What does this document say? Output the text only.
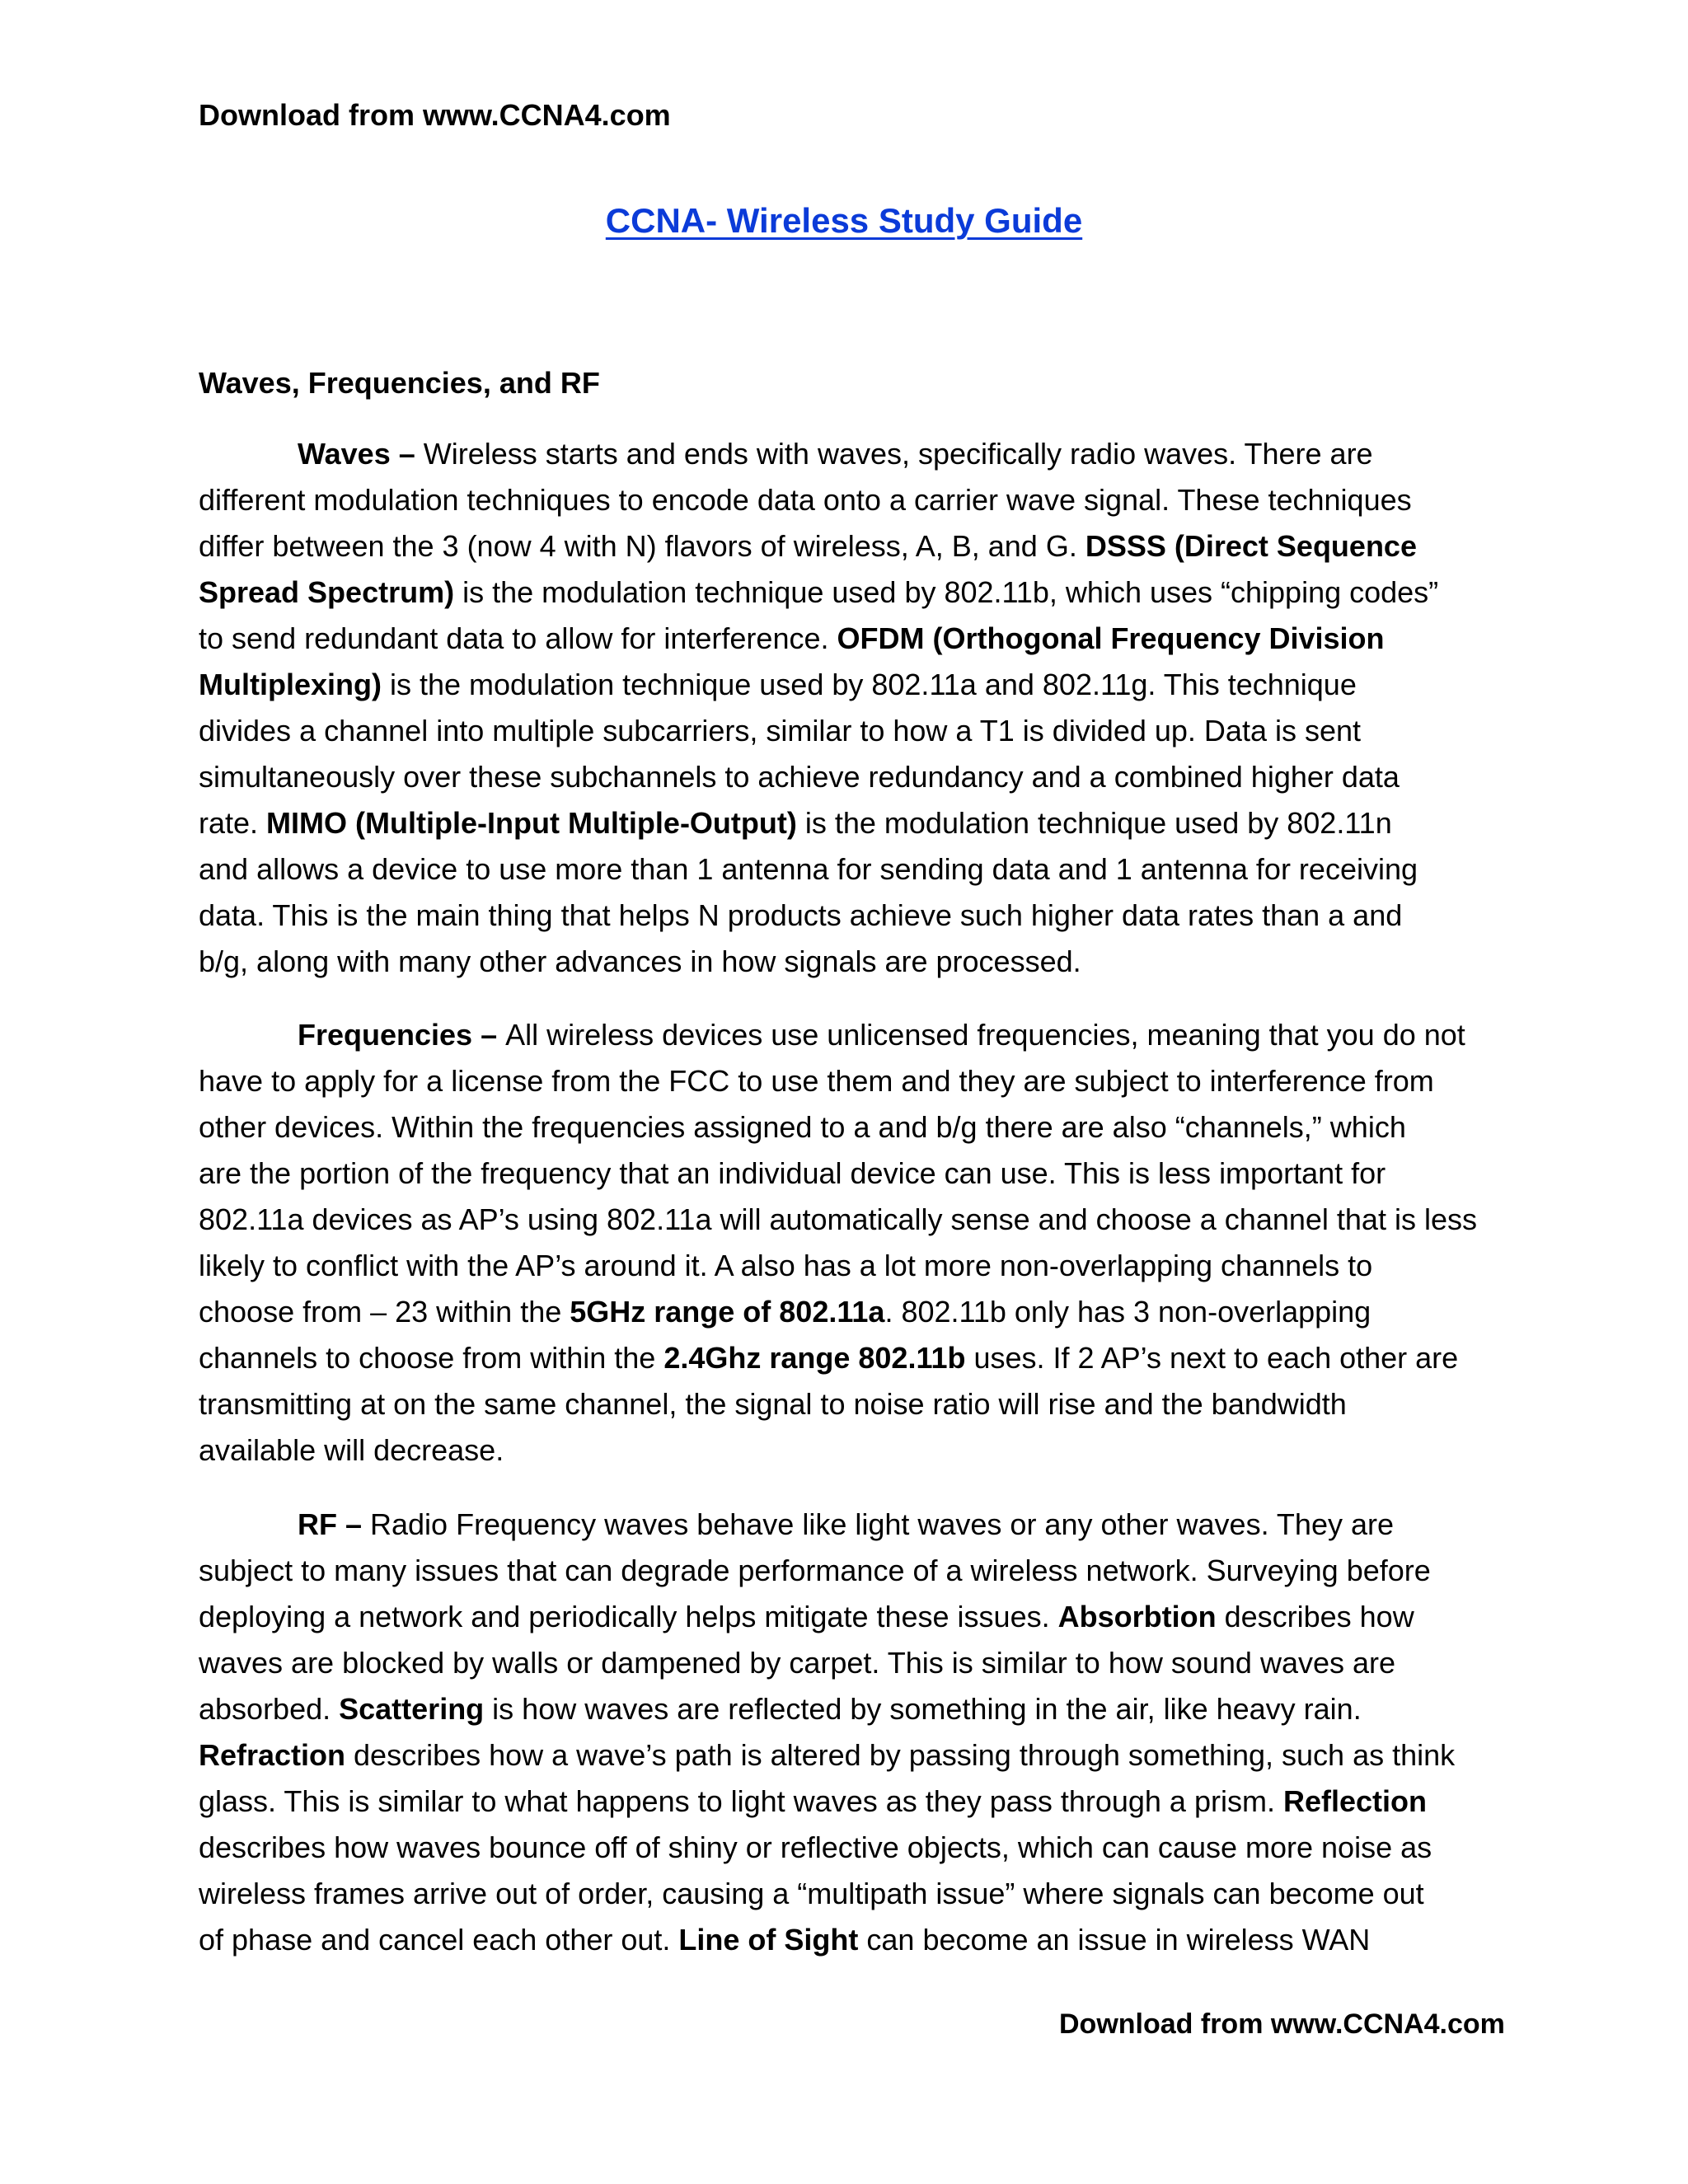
Download from www.CCNA4.com
CCNA- Wireless Study Guide
Waves, Frequencies, and RF
Waves – Wireless starts and ends with waves, specifically radio waves. There are
different modulation techniques to encode data onto a carrier wave signal. These techniques
differ between the 3 (now 4 with N) flavors of wireless, A, B, and G. DSSS (Direct Sequence
Spread Spectrum) is the modulation technique used by 802.11b, which uses “chipping codes”
to send redundant data to allow for interference. OFDM (Orthogonal Frequency Division
Multiplexing) is the modulation technique used by 802.11a and 802.11g. This technique
divides a channel into multiple subcarriers, similar to how a T1 is divided up. Data is sent
simultaneously over these subchannels to achieve redundancy and a combined higher data
rate. MIMO (Multiple-Input Multiple-Output) is the modulation technique used by 802.11n
and allows a device to use more than 1 antenna for sending data and 1 antenna for receiving
data. This is the main thing that helps N products achieve such higher data rates than a and
b/g, along with many other advances in how signals are processed.
Frequencies – All wireless devices use unlicensed frequencies, meaning that you do not
have to apply for a license from the FCC to use them and they are subject to interference from
other devices. Within the frequencies assigned to a and b/g there are also “channels,” which
are the portion of the frequency that an individual device can use. This is less important for
802.11a devices as AP’s using 802.11a will automatically sense and choose a channel that is less
likely to conflict with the AP’s around it. A also has a lot more non-overlapping channels to
choose from – 23 within the 5GHz range of 802.11a. 802.11b only has 3 non-overlapping
channels to choose from within the 2.4Ghz range 802.11b uses. If 2 AP’s next to each other are
transmitting at on the same channel, the signal to noise ratio will rise and the bandwidth
available will decrease.
RF – Radio Frequency waves behave like light waves or any other waves. They are
subject to many issues that can degrade performance of a wireless network. Surveying before
deploying a network and periodically helps mitigate these issues. Absorbtion describes how
waves are blocked by walls or dampened by carpet. This is similar to how sound waves are
absorbed. Scattering is how waves are reflected by something in the air, like heavy rain.
Refraction describes how a wave’s path is altered by passing through something, such as think
glass. This is similar to what happens to light waves as they pass through a prism. Reflection
describes how waves bounce off of shiny or reflective objects, which can cause more noise as
wireless frames arrive out of order, causing a “multipath issue” where signals can become out
of phase and cancel each other out. Line of Sight can become an issue in wireless WAN
Download from www.CCNA4.com
